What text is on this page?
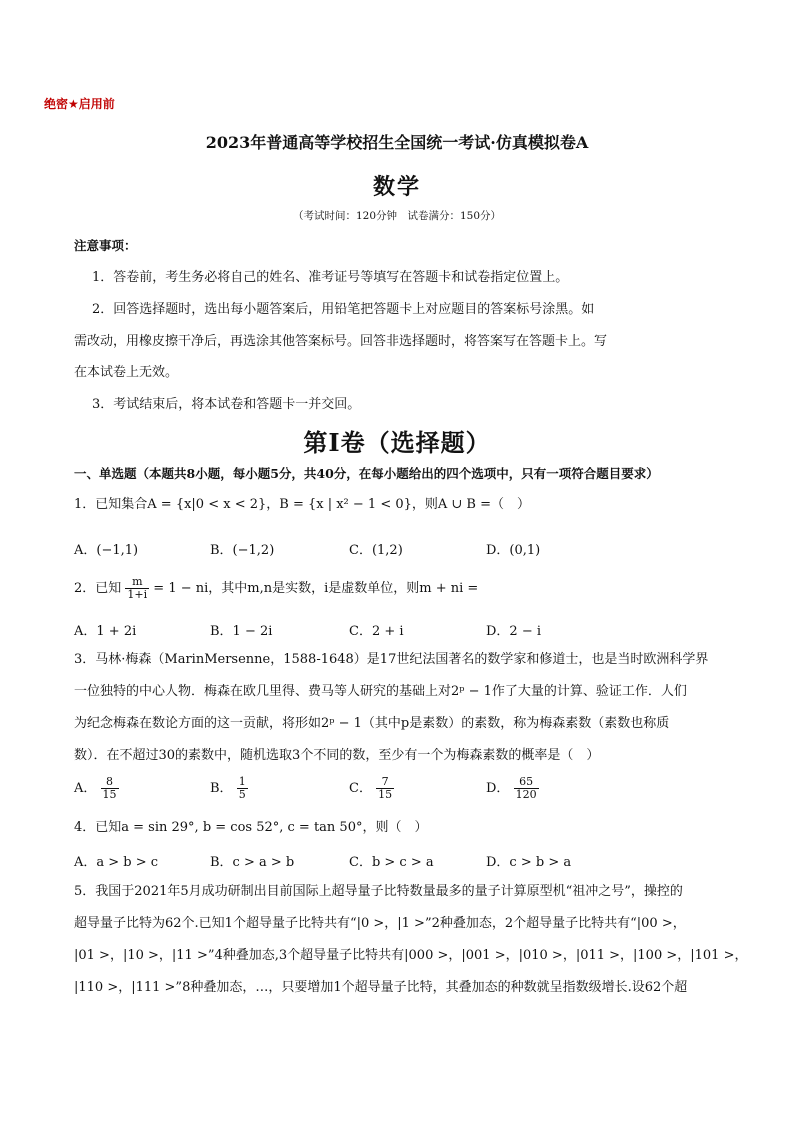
绝密★启用前
2023年普通高等学校招生全国统一考试·仿真模拟卷A
数学
（考试时间：120分钟　试卷满分：150分）
注意事项：
1．答卷前，考生务必将自己的姓名、准考证号等填写在答题卡和试卷指定位置上。
2．回答选择题时，选出每小题答案后，用铅笔把答题卡上对应题目的答案标号涂黑。如
需改动，用橡皮擦干净后，再选涂其他答案标号。回答非选择题时，将答案写在答题卡上。写
在本试卷上无效。
3．考试结束后，将本试卷和答题卡一并交回。
第I卷（选择题）
一、单选题（本题共8小题，每小题5分，共40分，在每小题给出的四个选项中，只有一项符合题目要求）
1．已知集合A = {x|0 < x < 2}，B = {x | x² − 1 < 0}，则A ∪ B =（　）
A．(−1,1)	B．(−1,2)	C．(1,2)	D．(0,1)
2．已知 $\frac{m}{1+i} = 1$ − ni，其中m,n是实数，i是虚数单位，则m + ni =
A．1 + 2i	B．1 − 2i	C．2 + i	D．2 − i
3．马林·梅森（MarinMersenne，1588-1648）是17世纪法国著名的数学家和修道士，也是当时欧洲科学界
一位独特的中心人物．梅森在欧几里得、费马等人研究的基础上对2ᵖ − 1作了大量的计算、验证工作．人们
为纪念梅森在数论方面的这一贡献，将形如2ᵖ − 1（其中p是素数）的素数，称为梅森素数（素数也称质
数）．在不超过30的素数中，随机选取3个不同的数，至少有一个为梅森素数的概率是（　）
A． $\frac{8}{15}$	B． $\frac{1}{5}$	C． $\frac{7}{15}$	D． $\frac{65}{120}$
4．已知a = sin 29°, b = cos 52°, c = tan 50°，则（　）
A．a > b > c	B．c > a > b	C．b > c > a	D．c > b > a
5．我国于2021年5月成功研制出目前国际上超导量子比特数量最多的量子计算原型机“祖冲之号”，操控的
超导量子比特为62个.已知1个超导量子比特共有“|0 >，|1 >”2种叠加态，2个超导量子比特共有“|00 >，
|01 >，|10 >，|11 >”4种叠加态,3个超导量子比特共有|000 >，|001 >，|010 >，|011 >，|100 >，|101 >，
|110 >，|111 >”8种叠加态，…，只要增加1个超导量子比特，其叠加态的种数就呈指数级增长.设62个超
